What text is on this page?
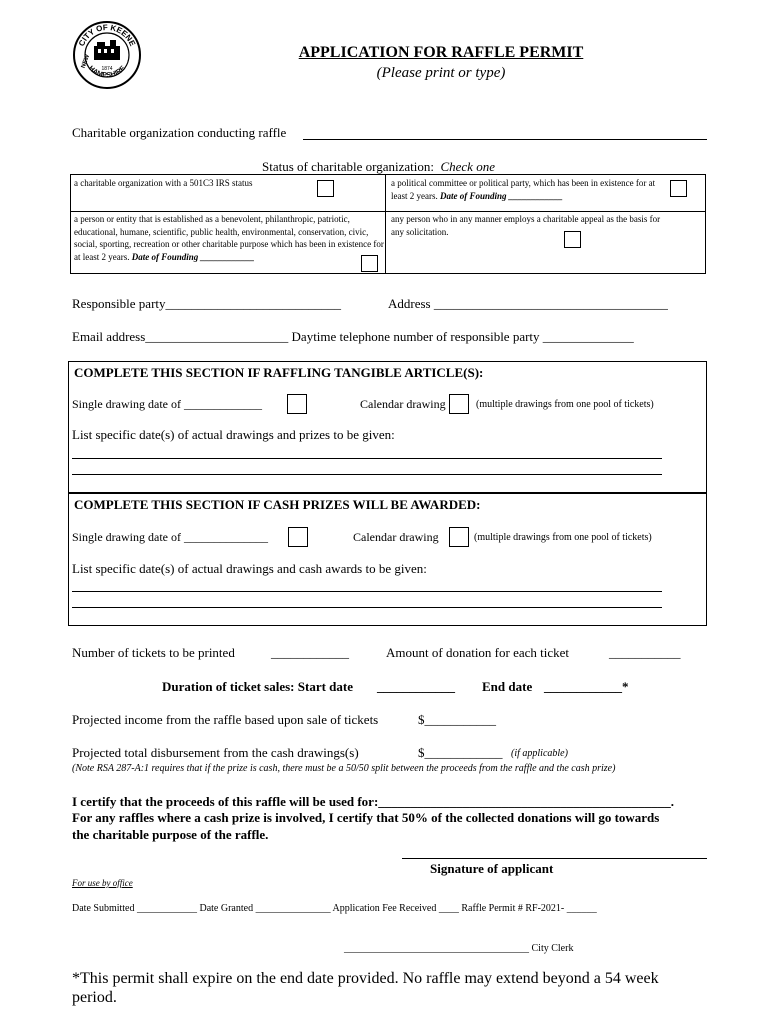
CITY OF KEENE
HAMPSHIRE
NEW 1874
APPLICATION FOR RAFFLE PERMIT
(Please print or type)
Charitable organization conducting raffle
Status of charitable organization: Check one
a charitable organization with a 501C3 IRS status	a political committee or political party, which has been in existence for at least 2 years. Date of Founding ____________
a person or entity that is established as a benevolent, philanthropic, patriotic, educational, humane, scientific, public health, environmental, conservation, civic, social, sporting, recreation or other charitable purpose which has been in existence for at least 2 years. Date of Founding ____________
any person who in any manner employs a charitable appeal as the basis for any solicitation.
Responsible party___________________________	Address ____________________________________
Email address______________________ Daytime telephone number of responsible party ______________
COMPLETE THIS SECTION IF RAFFLING TANGIBLE ARTICLE(S):
Single drawing date of _____________	Calendar drawing	(multiple drawings from one pool of tickets)
List specific date(s) of actual drawings and prizes to be given:
COMPLETE THIS SECTION IF CASH PRIZES WILL BE AWARDED:
Single drawing date of ______________	Calendar drawing	(multiple drawings from one pool of tickets)
List specific date(s) of actual drawings and cash awards to be given:
Number of tickets to be printed	____________	Amount of donation for each ticket	___________
Duration of ticket sales: Start date ____________ End date ____________*
Projected income from the raffle based upon sale of tickets	$___________
Projected total disbursement from the cash drawings(s)	$____________ (if applicable)
(Note RSA 287-A:1 requires that if the prize is cash, there must be a 50/50 split between the proceeds from the raffle and the cash prize)
I certify that the proceeds of this raffle will be used for:_____________________________________________.
For any raffles where a cash prize is involved, I certify that 50% of the collected donations will go towards
the charitable purpose of the raffle.
Signature of applicant
For use by office
Date Submitted ____________ Date Granted _______________ Application Fee Received ____ Raffle Permit # RF-2021- ______
_____________________________________ City Clerk
*This permit shall expire on the end date provided. No raffle may extend beyond a 54 week
period.
